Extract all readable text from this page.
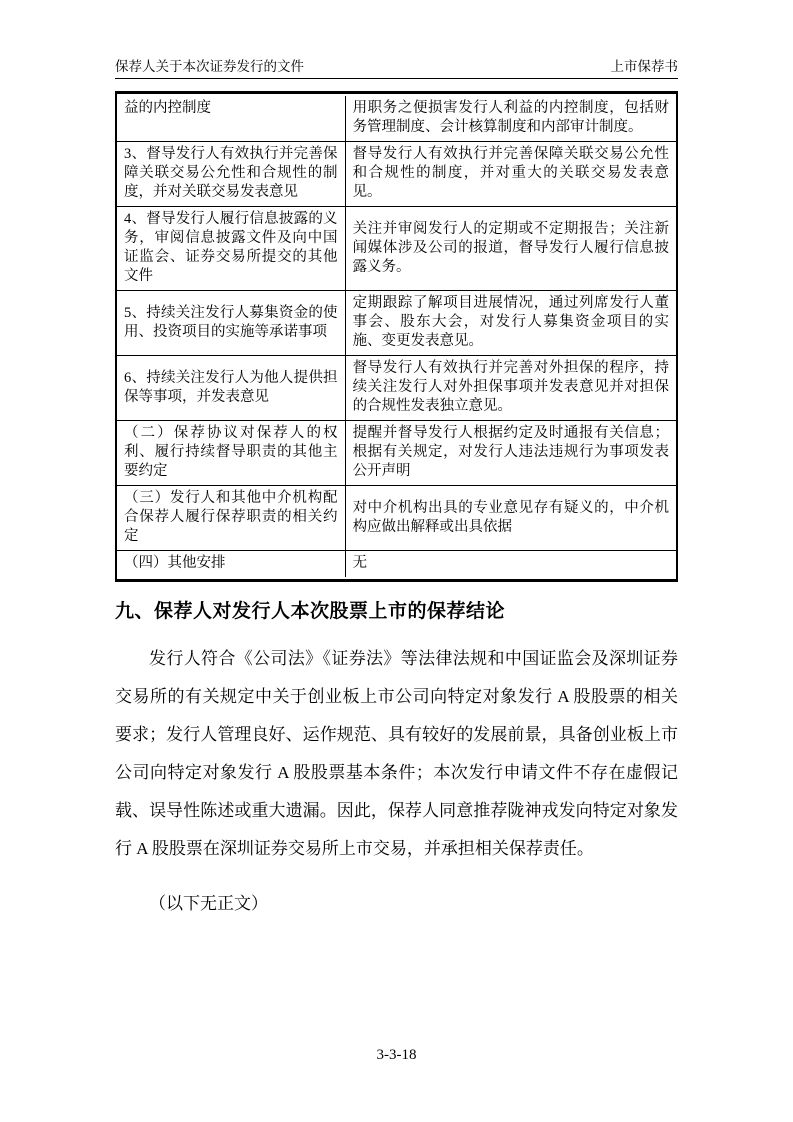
保荐人关于本次证券发行的文件	上市保荐书
益的内控制度	用职务之便损害发行人利益的内控制度，包括财务管理制度、会计核算制度和内部审计制度。
3、督导发行人有效执行并完善保障关联交易公允性和合规性的制度，并对关联交易发表意见	督导发行人有效执行并完善保障关联交易公允性和合规性的制度，并对重大的关联交易发表意见。
4、督导发行人履行信息披露的义务，审阅信息披露文件及向中国证监会、证券交易所提交的其他文件	关注并审阅发行人的定期或不定期报告；关注新闻媒体涉及公司的报道，督导发行人履行信息披露义务。
5、持续关注发行人募集资金的使用、投资项目的实施等承诺事项	定期跟踪了解项目进展情况，通过列席发行人董事会、股东大会，对发行人募集资金项目的实施、变更发表意见。
6、持续关注发行人为他人提供担保等事项，并发表意见	督导发行人有效执行并完善对外担保的程序，持续关注发行人对外担保事项并发表意见并对担保的合规性发表独立意见。
（二）保荐协议对保荐人的权利、履行持续督导职责的其他主要约定	提醒并督导发行人根据约定及时通报有关信息；根据有关规定，对发行人违法违规行为事项发表公开声明
（三）发行人和其他中介机构配合保荐人履行保荐职责的相关约定	对中介机构出具的专业意见存有疑义的，中介机构应做出解释或出具依据
（四）其他安排	无
九、保荐人对发行人本次股票上市的保荐结论

发行人符合《公司法》《证券法》等法律法规和中国证监会及深圳证券交易所的有关规定中关于创业板上市公司向特定对象发行 A 股股票的相关要求；发行人管理良好、运作规范、具有较好的发展前景，具备创业板上市公司向特定对象发行 A 股股票基本条件；本次发行申请文件不存在虚假记载、误导性陈述或重大遗漏。因此，保荐人同意推荐陇神戎发向特定对象发行 A 股股票在深圳证券交易所上市交易，并承担相关保荐责任。

（以下无正文）

3-3-18
